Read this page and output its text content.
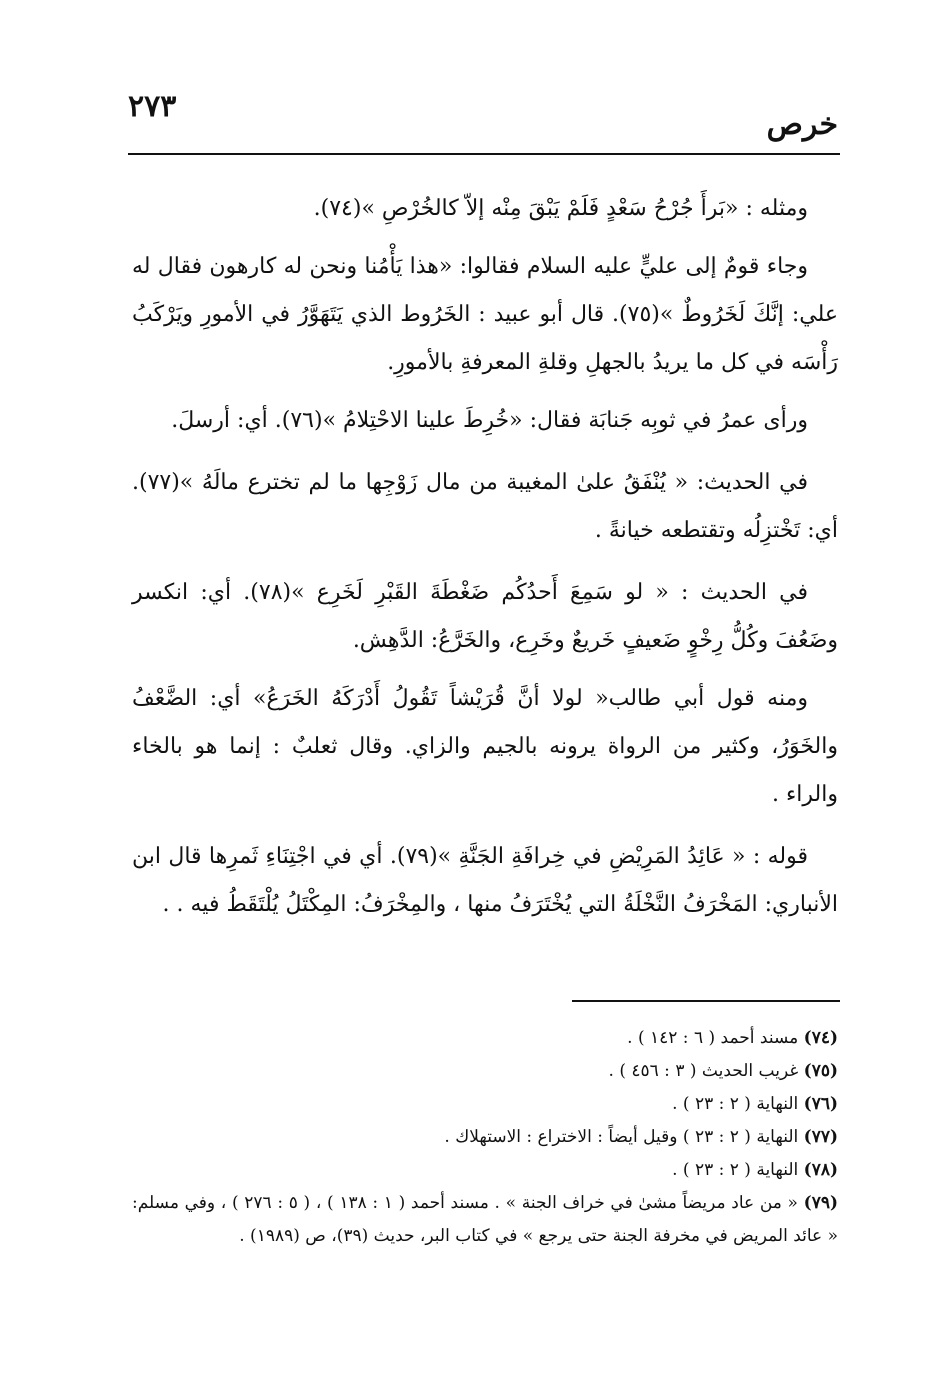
٢٧٣
خرص

ومثله : «بَرأَ جُرْحُ سَعْدٍ فَلَمْ يَبْقَ مِنْه إلاّ كالخُرْصِ »(٧٤).

وجاء قومٌ إلى عليٍّ عليه السلام فقالوا: «هذا يَأْمُنا ونحن له كارهون فقال له علي: إنَّكَ لَخَرُوطٌ »(٧٥). قال أبو عبيد : الخَرُوط الذي يَتَهَوَّرُ في الأمورِ ويَرْكَبُ رَأْسَه في كل ما يريدُ بالجهلِ وقلةِ المعرفةِ بالأمورِ.

ورأى عمرُ في ثوبِه جَنابَة فقال: «خُرِطَ علينا الاحْتِلامُ »(٧٦). أي: أرسلَ.

في الحديث: « يُنْفَقُ علىٰ المغيبة من مال زَوْجِها ما لم تخترع مالَهُ »(٧٧). أي: تَخْتزِلُه وتقتطعه خيانةً .

في الحديث : « لو سَمِعَ أَحدُكُم ضَغْطَةَ القَبْرِ لَخَرِع »(٧٨). أي: انكسر وضَعُفَ وكُلُّ رِخْوٍ ضَعيفٍ خَريعٌ وخَرِع، والخَرَّعُ: الدَّهِش.

ومنه قول أبي طالب« لولا أنَّ قُرَيْشاً تَقُولُ أَدْرَكَهُ الخَرَعُ» أي: الضَّعْفُ والخَوَرُ، وكثير من الرواة يرونه بالجيم والزاي. وقال ثعلبٌ : إنما هو بالخاء والراء .

قوله : « عَائِدُ المَرِيْضِ في خِرافَةِ الجَنَّةِ »(٧٩). أي في اجْتِنَاءِ ثَمرِها قال ابن الأنباري: المَخْرَفُ النَّخْلَةُ التي يُخْتَرَفُ منها ، والمِخْرَفُ: المِكْتَلُ يُلْتَقَطُ فيه . .

(٧٤) مسند أحمد ( ٦ : ١٤٢ ) .
(٧٥) غريب الحديث ( ٣ : ٤٥٦ ) .
(٧٦) النهاية ( ٢ : ٢٣ ) .
(٧٧) النهاية ( ٢ : ٢٣ ) وقيل أيضاً : الاختراع : الاستهلاك .
(٧٨) النهاية ( ٢ : ٢٣ ) .
(٧٩) « من عاد مريضاً مشىٰ في خراف الجنة » . مسند أحمد ( ١ : ١٣٨ ) ، ( ٥ : ٢٧٦ ) ، وفي مسلم: « عائد المريض في مخرفة الجنة حتى يرجع » في كتاب البر، حديث (٣٩)، ص (١٩٨٩) .
